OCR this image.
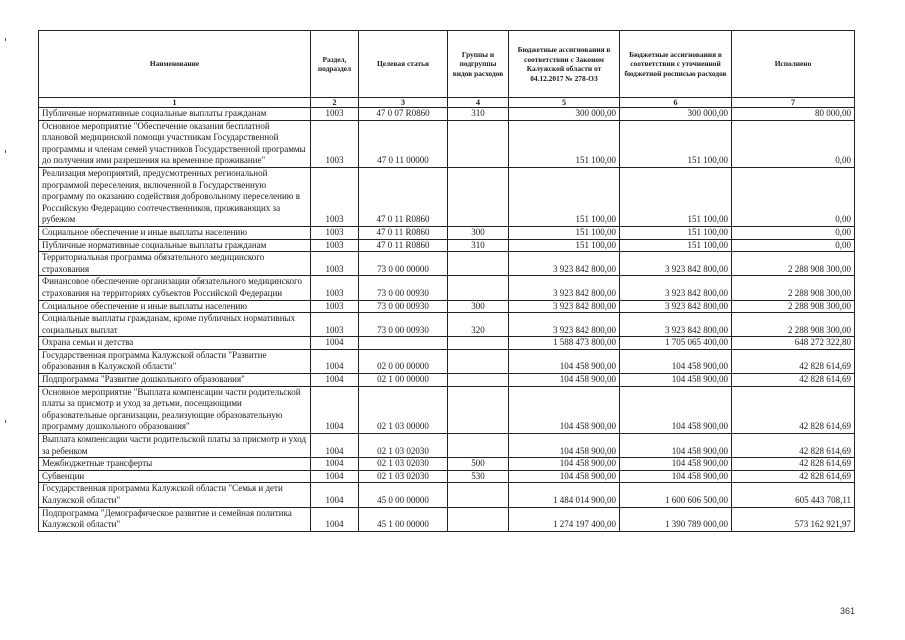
Наименование	Раздел, подраздел	Целевая статья	Группы и подгруппы видов расходов	Бюджетные ассигнования в соответствии с Законом Калужской области от 04.12.2017 № 278-ОЗ	Бюджетные ассигнования в соответствии с уточненной бюджетной росписью расходов	Исполнено
1	2	3	4	5	6	7
Публичные нормативные социальные выплаты гражданам	1003	47 0 07 R0860	310	300 000,00	300 000,00	80 000,00
Основное мероприятие "Обеспечение оказания бесплатной плановой медицинской помощи участникам Государственной программы и членам семей участников Государственной программы до получения ими разрешения на временное проживание"	1003	47 0 11 00000		151 100,00	151 100,00	0,00
Реализация мероприятий, предусмотренных региональной программой переселения, включенной в Государственную программу по оказанию содействия добровольному переселению в Российскую Федерацию соотечественников, проживающих за рубежом	1003	47 0 11 R0860		151 100,00	151 100,00	0,00
Социальное обеспечение и иные выплаты населению	1003	47 0 11 R0860	300	151 100,00	151 100,00	0,00
Публичные нормативные социальные выплаты гражданам	1003	47 0 11 R0860	310	151 100,00	151 100,00	0,00
Территориальная программа обязательного медицинского страхования	1003	73 0 00 00000		3 923 842 800,00	3 923 842 800,00	2 288 908 300,00
Финансовое обеспечение организации обязательного медицинского страхования на территориях субъектов Российской Федерации	1003	73 0 00 00930		3 923 842 800,00	3 923 842 800,00	2 288 908 300,00
Социальное обеспечение и иные выплаты населению	1003	73 0 00 00930	300	3 923 842 800,00	3 923 842 800,00	2 288 908 300,00
Социальные выплаты гражданам, кроме публичных нормативных социальных выплат	1003	73 0 00 00930	320	3 923 842 800,00	3 923 842 800,00	2 288 908 300,00
Охрана семьи и детства	1004			1 588 473 800,00	1 705 065 400,00	648 272 322,80
Государственная программа Калужской области "Развитие образования в Калужской области"	1004	02 0 00 00000		104 458 900,00	104 458 900,00	42 828 614,69
Подпрограмма "Развитие дошкольного образования"	1004	02 1 00 00000		104 458 900,00	104 458 900,00	42 828 614,69
Основное мероприятие "Выплата компенсации части родительской платы за присмотр и уход за детьми, посещающими образовательные организации, реализующие образовательную программу дошкольного образования"	1004	02 1 03 00000		104 458 900,00	104 458 900,00	42 828 614,69
Выплата компенсации части родительской платы за присмотр и уход за ребенком	1004	02 1 03 02030		104 458 900,00	104 458 900,00	42 828 614,69
Межбюджетные трансферты	1004	02 1 03 02030	500	104 458 900,00	104 458 900,00	42 828 614,69
Субвенции	1004	02 1 03 02030	530	104 458 900,00	104 458 900,00	42 828 614,69
Государственная программа Калужской области "Семья и дети Калужской области"	1004	45 0 00 00000		1 484 014 900,00	1 600 606 500,00	605 443 708,11
Подпрограмма "Демографическое развитие и семейная политика Калужской области"	1004	45 1 00 00000		1 274 197 400,00	1 390 789 000,00	573 162 921,97
361
